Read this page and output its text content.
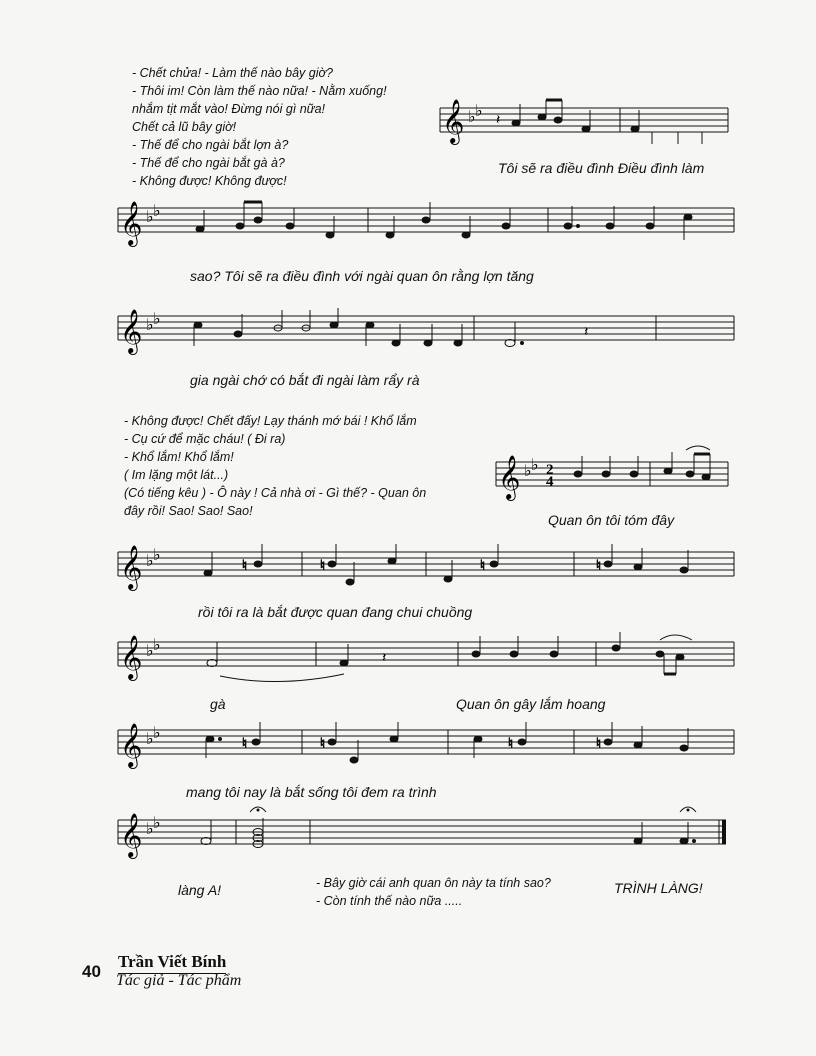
- Chết chửa! - Làm thế nào bây giờ?
- Thôi im! Còn làm thế nào nữa! - Nằm xuống!
nhắm tịt mắt vào! Đừng nói gì nữa!
Chết cả lũ bây giờ!
- Thế để cho ngài bắt lợn à?
- Thế để cho ngài bắt gà à?
- Không được! Không được!
𝄞 ♭ ♭ 𝄽
Tôi sẽ ra điều đình Điều đình làm
𝄞 ♭ ♭
sao? Tôi sẽ ra điều đình với ngài quan ôn rằng lợn tăng
𝄞 ♭ ♭
𝄽
gia ngài chớ có bắt đi ngài làm rẩy rà
- Không được! Chết đấy! Lạy thánh mớ bái ! Khổ lắm
- Cụ cứ để mặc cháu! ( Đi ra)
- Khổ lắm! Khổ lắm!
( Im lặng một lát...)
(Có tiếng kêu ) - Ô này ! Cả nhà ơi - Gì thế? - Quan ôn
đây rồi! Sao! Sao! Sao!
𝄞 ♭ ♭ 2
4
Quan ôn tôi tóm đây
𝄞 ♭ ♭
♮	♮	♮	♮
rồi tôi ra là bắt được quan đang chui chuồng
𝄞 ♭ ♭
𝄽
gà	Quan ôn gây lắm hoang
𝄞 ♭ ♭
♮	♮	♮	♮
mang tôi nay là bắt sống tôi đem ra trình
𝄞 ♭ ♭
làng A!	- Bây giờ cái anh quan ôn này ta tính sao?
- Còn tính thế nào nữa .....
TRÌNH LÀNG!
40
Trần Viết Bính
Tác giả - Tác phẩm
